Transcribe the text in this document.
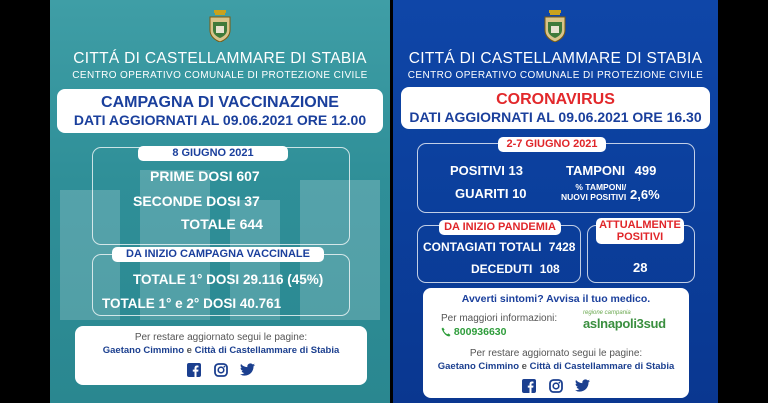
CITTÁ DI CASTELLAMMARE DI STABIA
CENTRO OPERATIVO COMUNALE DI PROTEZIONE CIVILE
CAMPAGNA DI VACCINAZIONE
DATI AGGIORNATI AL 09.06.2021 ORE 12.00
8 GIUGNO 2021
PRIME DOSI 607
SECONDE DOSI 37
TOTALE 644
DA INIZIO CAMPAGNA VACCINALE
TOTALE 1° DOSI 29.116 (45%)
TOTALE 1° e 2° DOSI 40.761
Per restare aggiornato segui le pagine:
Gaetano Cimmino e Città di Castellammare di Stabia

CITTÁ DI CASTELLAMMARE DI STABIA
CENTRO OPERATIVO COMUNALE DI PROTEZIONE CIVILE
CORONAVIRUS
DATI AGGIORNATI AL 09.06.2021 ORE 16.30
2-7 GIUGNO 2021
POSITIVI 13	TAMPONI 499
GUARITI 10	% TAMPONI/
NUOVI POSITIVI 2,6%
DA INIZIO PANDEMIA
CONTAGIATI TOTALI 7428
DECEDUTI 108
ATTUALMENTE
POSITIVI
28
Avverti sintomi? Avvisa il tuo medico.
Per maggiori informazioni:
800936630
regione campania
aslnapoli3sud
Per restare aggiornato segui le pagine:
Gaetano Cimmino e Città di Castellammare di Stabia
